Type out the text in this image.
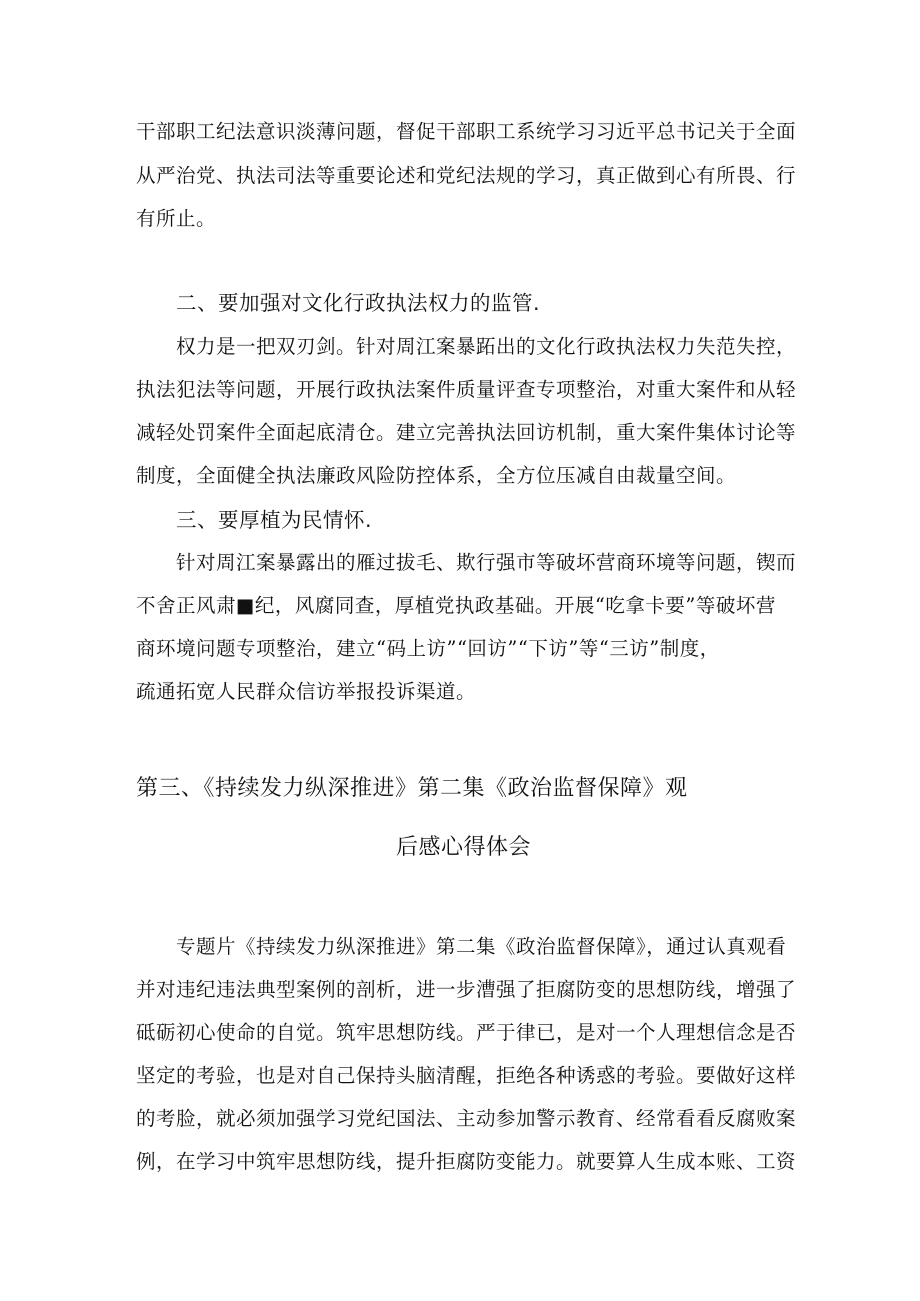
干部职工纪法意识淡薄问题，督促干部职工系统学习习近平总书记关于全面
从严治党、执法司法等重要论述和党纪法规的学习，真正做到心有所畏、行
有所止。
二、要加强对文化行政执法权力的监管.
权力是一把双刃剑。针对周江案暴跖出的文化行政执法权力失范失控，
执法犯法等问题，开展行政执法案件质量评查专项整治，对重大案件和从轻
减轻处罚案件全面起底清仓。建立完善执法回访机制，重大案件集体讨论等
制度，全面健全执法廉政风险防控体系，全方位压减自由裁量空间。
三、要厚植为民情怀.
针对周江案暴露出的雁过拔毛、欺行强市等破坏营商环境等问题，锲而
不舍正风肃■纪，风腐同查，厚植党执政基础。开展“吃拿卡要”等破坏营
商环境问题专项整治，建立“码上访”“回访”“下访”等“三访”制度，
疏通拓宽人民群众信访举报投诉渠道。
第三、《持续发力纵深推进》第二集《政治监督保障》观
后感心得体会
专题片《持续发力纵深推进》第二集《政治监督保障》，通过认真观看
并对违纪违法典型案例的剖析，进一步漕强了拒腐防变的思想防线，增强了
砥砺初心使命的自觉。筑牢思想防线。严于律已，是对一个人理想信念是否
坚定的考验，也是对自己保持头脑清醒，拒绝各种诱惑的考验。要做好这样
的考脸，就必须加强学习党纪国法、主动参加警示教育、经常看看反腐败案
例，在学习中筑牢思想防线，提升拒腐防变能力。就要算人生成本账、工资
